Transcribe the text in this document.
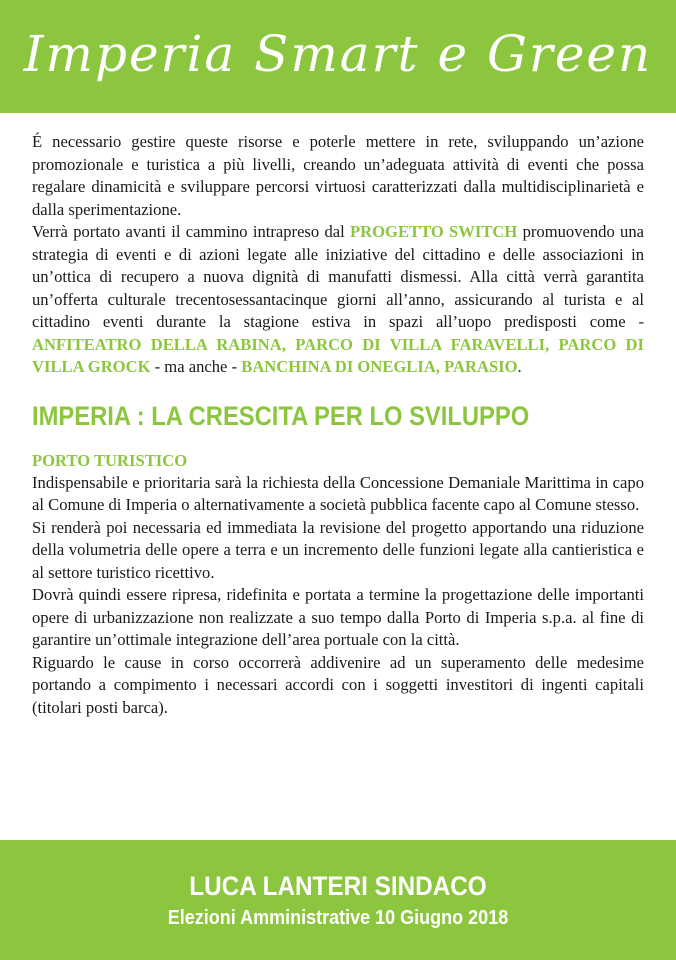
Imperia Smart e Green

É necessario gestire queste risorse e poterle mettere in rete, sviluppando un’azione promozionale e turistica a più livelli, creando un’adeguata attività di eventi che possa regalare dinamicità e sviluppare percorsi virtuosi caratterizzati dalla multidisciplinarietà e dalla sperimentazione.

Verrà portato avanti il cammino intrapreso dal PROGETTO SWITCH promuovendo una strategia di eventi e di azioni legate alle iniziative del cittadino e delle associazioni in un’ottica di recupero a nuova dignità di manufatti dismessi. Alla città verrà garantita un’offerta culturale trecentosessantacinque giorni all’anno, assicurando al turista e al cittadino eventi durante la stagione estiva in spazi all’uopo predisposti come - ANFITEATRO DELLA RABINA, PARCO DI VILLA FARAVELLI, PARCO DI VILLA GROCK - ma anche - BANCHINA DI ONEGLIA, PARASIO.

IMPERIA : LA CRESCITA PER LO SVILUPPO
PORTO TURISTICO

Indispensabile e prioritaria sarà la richiesta della Concessione Demaniale Marittima in capo al Comune di Imperia o alternativamente a società pubblica facente capo al Comune stesso.

Si renderà poi necessaria ed immediata la revisione del progetto apportando una riduzione della volumetria delle opere a terra e un incremento delle funzioni legate alla cantieristica e al settore turistico ricettivo.

Dovrà quindi essere ripresa, ridefinita e portata a termine la progettazione delle importanti opere di urbanizzazione non realizzate a suo tempo dalla Porto di Imperia s.p.a. al fine di garantire un’ottimale integrazione dell’area portuale con la città.

Riguardo le cause in corso occorrerà addivenire ad un superamento delle medesime portando a compimento i necessari accordi con i soggetti investitori di ingenti capitali (titolari posti barca).

LUCA LANTERI SINDACO
Elezioni Amministrative 10 Giugno 2018
